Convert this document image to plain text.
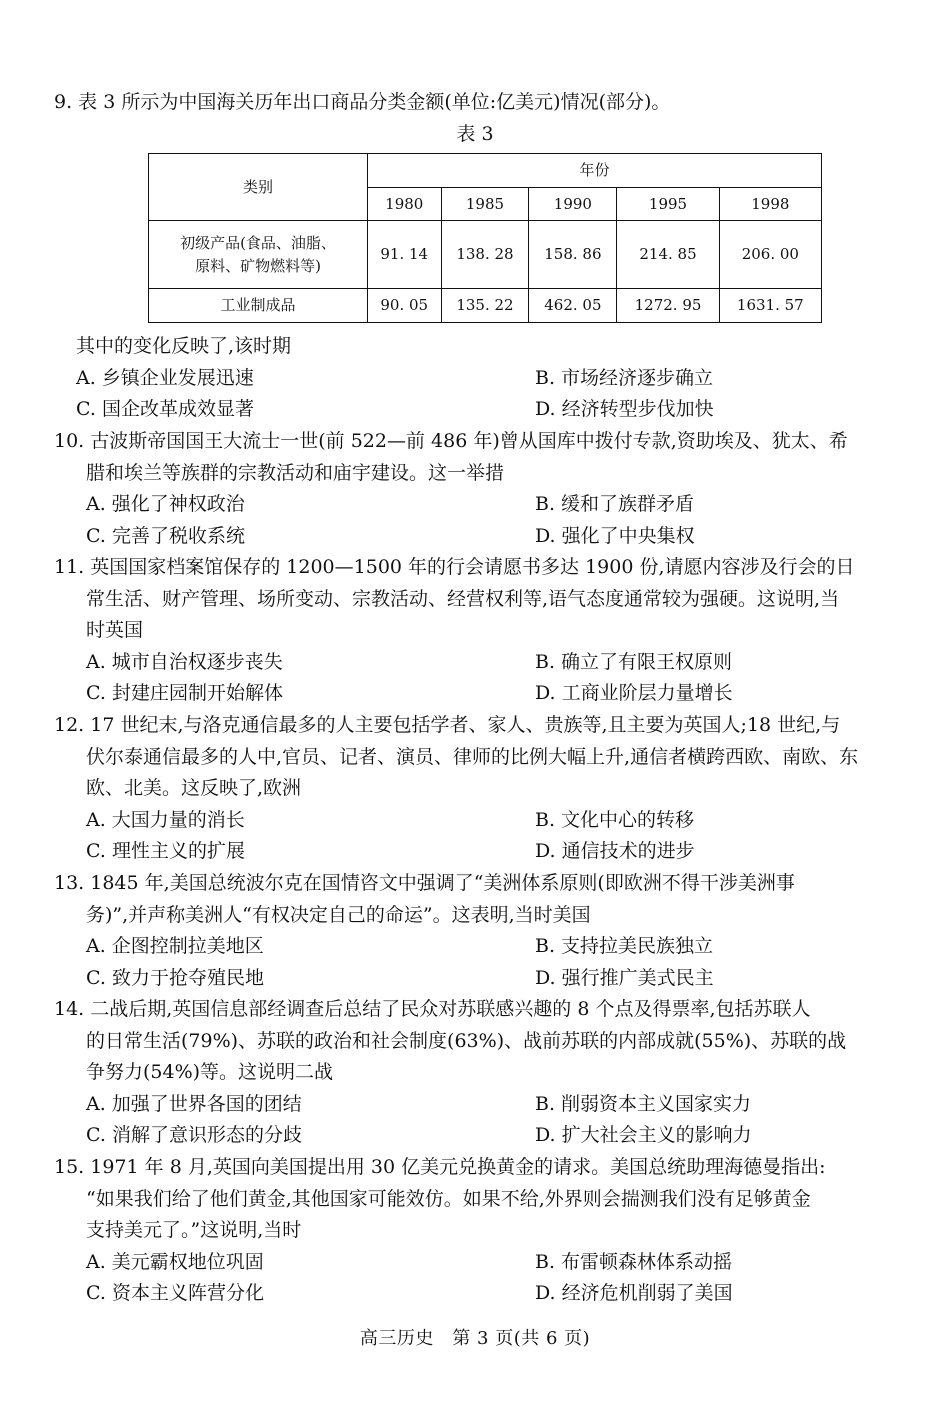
9. 表 3 所示为中国海关历年出口商品分类金额(单位:亿美元)情况(部分)。
表 3
类别	年份				
	1980	1985	1990	1995	1998

初级产品(食品、油脂、
原料、矿物燃料等)	91. 14	138. 28	158. 86	214. 85	206. 00
工业制成品	90. 05	135. 22	462. 05	1272. 95	1631. 57
其中的变化反映了,该时期
A. 乡镇企业发展迅速	B. 市场经济逐步确立
C. 国企改革成效显著	D. 经济转型步伐加快
10. 古波斯帝国国王大流士一世(前 522—前 486 年)曾从国库中拨付专款,资助埃及、犹太、希
腊和埃兰等族群的宗教活动和庙宇建设。这一举措
A. 强化了神权政治	B. 缓和了族群矛盾
C. 完善了税收系统	D. 强化了中央集权
11. 英国国家档案馆保存的 1200—1500 年的行会请愿书多达 1900 份,请愿内容涉及行会的日
常生活、财产管理、场所变动、宗教活动、经营权利等,语气态度通常较为强硬。这说明,当
时英国
A. 城市自治权逐步丧失	B. 确立了有限王权原则
C. 封建庄园制开始解体	D. 工商业阶层力量增长
12. 17 世纪末,与洛克通信最多的人主要包括学者、家人、贵族等,且主要为英国人;18 世纪,与
伏尔泰通信最多的人中,官员、记者、演员、律师的比例大幅上升,通信者横跨西欧、南欧、东
欧、北美。这反映了,欧洲
A. 大国力量的消长	B. 文化中心的转移
C. 理性主义的扩展	D. 通信技术的进步
13. 1845 年,美国总统波尔克在国情咨文中强调了“美洲体系原则(即欧洲不得干涉美洲事
务)”,并声称美洲人“有权决定自己的命运”。这表明,当时美国
A. 企图控制拉美地区	B. 支持拉美民族独立
C. 致力于抢夺殖民地	D. 强行推广美式民主
14. 二战后期,英国信息部经调查后总结了民众对苏联感兴趣的 8 个点及得票率,包括苏联人
的日常生活(79%)、苏联的政治和社会制度(63%)、战前苏联的内部成就(55%)、苏联的战
争努力(54%)等。这说明二战
A. 加强了世界各国的团结	B. 削弱资本主义国家实力
C. 消解了意识形态的分歧	D. 扩大社会主义的影响力
15. 1971 年 8 月,英国向美国提出用 30 亿美元兑换黄金的请求。美国总统助理海德曼指出:
“如果我们给了他们黄金,其他国家可能效仿。如果不给,外界则会揣测我们没有足够黄金
支持美元了。”这说明,当时
A. 美元霸权地位巩固	B. 布雷顿森林体系动摇
C. 资本主义阵营分化	D. 经济危机削弱了美国
高三历史　第 3 页(共 6 页)
